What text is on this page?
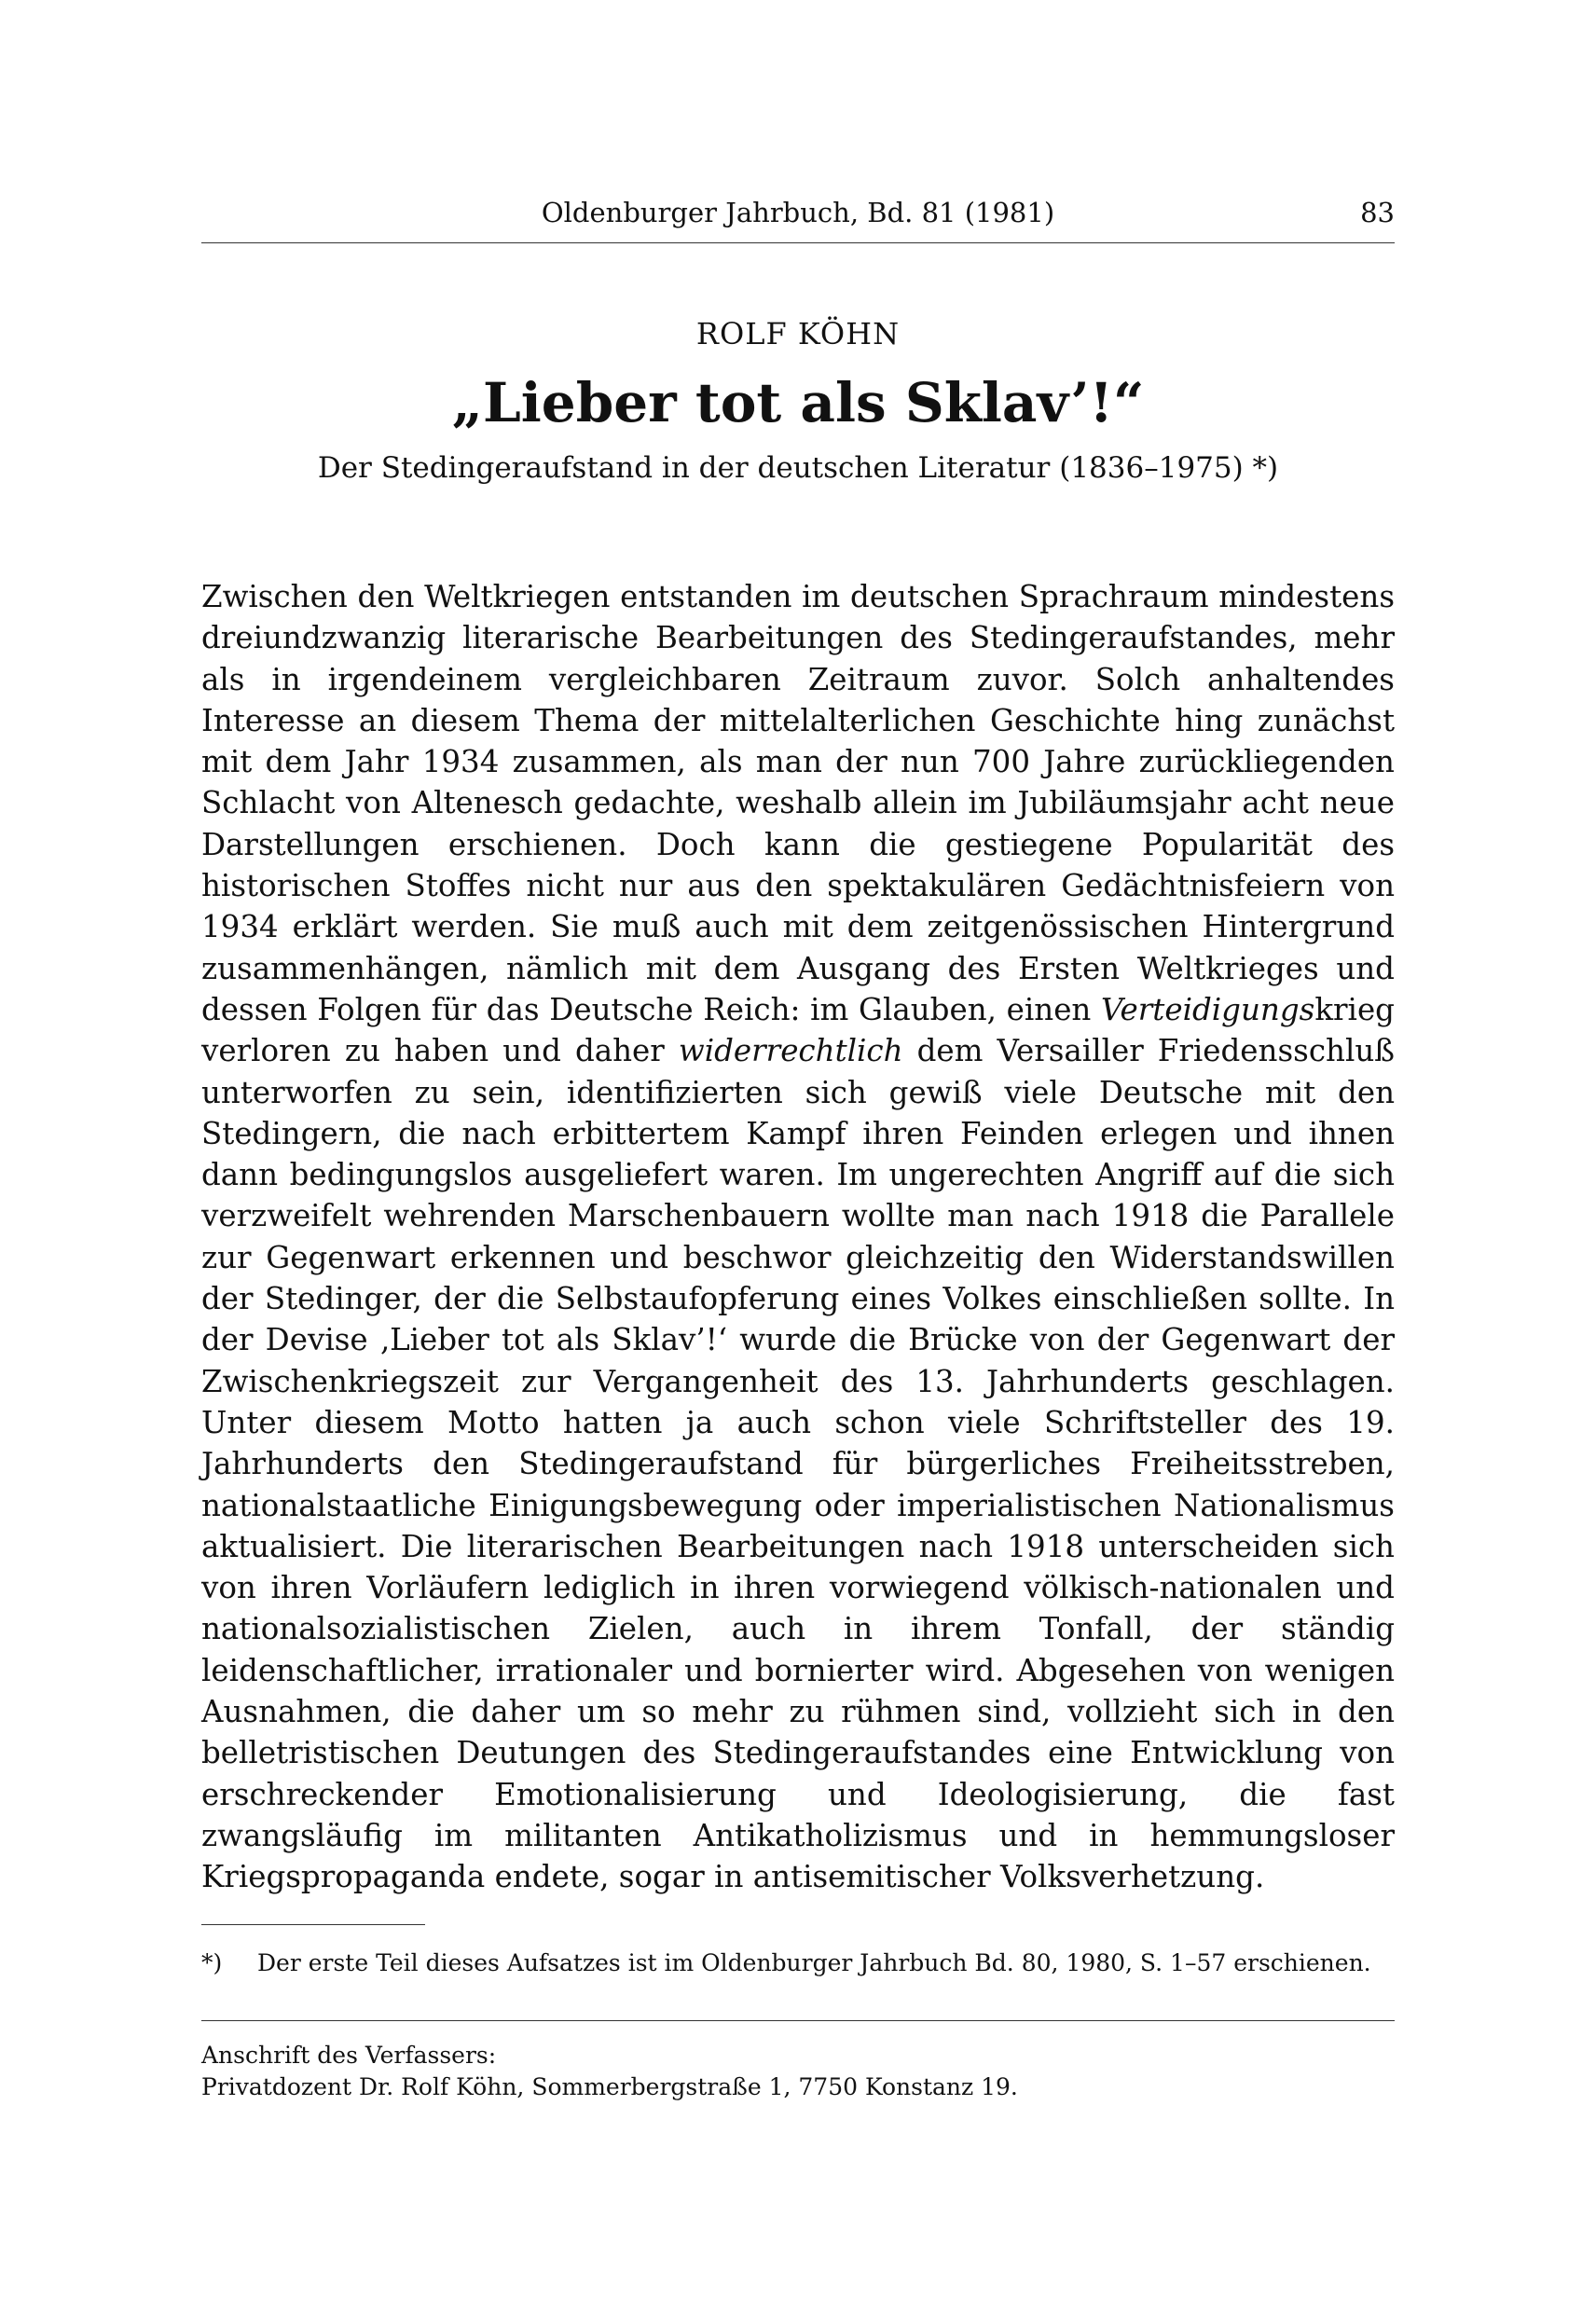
Oldenburger Jahrbuch, Bd. 81 (1981)	83
ROLF KÖHN
„Lieber tot als Sklav’!“
Der Stedingeraufstand in der deutschen Literatur (1836–1975) *)

Zwischen den Weltkriegen entstanden im deutschen Sprachraum mindestens dreiundzwanzig literarische Bearbeitungen des Stedingeraufstandes, mehr als in irgendeinem vergleichbaren Zeitraum zuvor. Solch anhaltendes Interesse an diesem Thema der mittelalterlichen Geschichte hing zunächst mit dem Jahr 1934 zusammen, als man der nun 700 Jahre zurückliegenden Schlacht von Altenesch gedachte, weshalb allein im Jubiläumsjahr acht neue Darstellungen erschienen. Doch kann die gestiegene Popularität des historischen Stoffes nicht nur aus den spektakulären Gedächtnisfeiern von 1934 erklärt werden. Sie muß auch mit dem zeitgenössischen Hintergrund zusammenhängen, nämlich mit dem Ausgang des Ersten Weltkrieges und dessen Folgen für das Deutsche Reich: im Glauben, einen Verteidigungskrieg verloren zu haben und daher widerrechtlich dem Versailler Friedensschluß unterworfen zu sein, identifizierten sich gewiß viele Deutsche mit den Stedingern, die nach erbittertem Kampf ihren Feinden erlegen und ihnen dann bedingungslos ausgeliefert waren. Im ungerechten Angriff auf die sich verzweifelt wehrenden Marschenbauern wollte man nach 1918 die Parallele zur Gegenwart erkennen und beschwor gleichzeitig den Widerstandswillen der Stedinger, der die Selbstaufopferung eines Volkes einschließen sollte. In der Devise ‚Lieber tot als Sklav’!‘ wurde die Brücke von der Gegenwart der Zwischenkriegszeit zur Vergangenheit des 13. Jahrhunderts geschlagen. Unter diesem Motto hatten ja auch schon viele Schriftsteller des 19. Jahrhunderts den Stedingeraufstand für bürgerliches Freiheitsstreben, nationalstaatliche Einigungsbewegung oder imperialistischen Nationalismus aktualisiert. Die literarischen Bearbeitungen nach 1918 unterscheiden sich von ihren Vorläufern lediglich in ihren vorwiegend völkisch-nationalen und nationalsozialistischen Zielen, auch in ihrem Tonfall, der ständig leidenschaftlicher, irrationaler und bornierter wird. Abgesehen von wenigen Ausnahmen, die daher um so mehr zu rühmen sind, vollzieht sich in den belletristischen Deutungen des Stedingeraufstandes eine Entwicklung von erschreckender Emotionalisierung und Ideologisierung, die fast zwangsläufig im militanten Antikatholizismus und in hemmungsloser Kriegspropaganda endete, sogar in antisemitischer Volksverhetzung.

*) Der erste Teil dieses Aufsatzes ist im Oldenburger Jahrbuch Bd. 80, 1980, S. 1–57 erschienen.
Anschrift des Verfassers:
Privatdozent Dr. Rolf Köhn, Sommerbergstraße 1, 7750 Konstanz 19.
